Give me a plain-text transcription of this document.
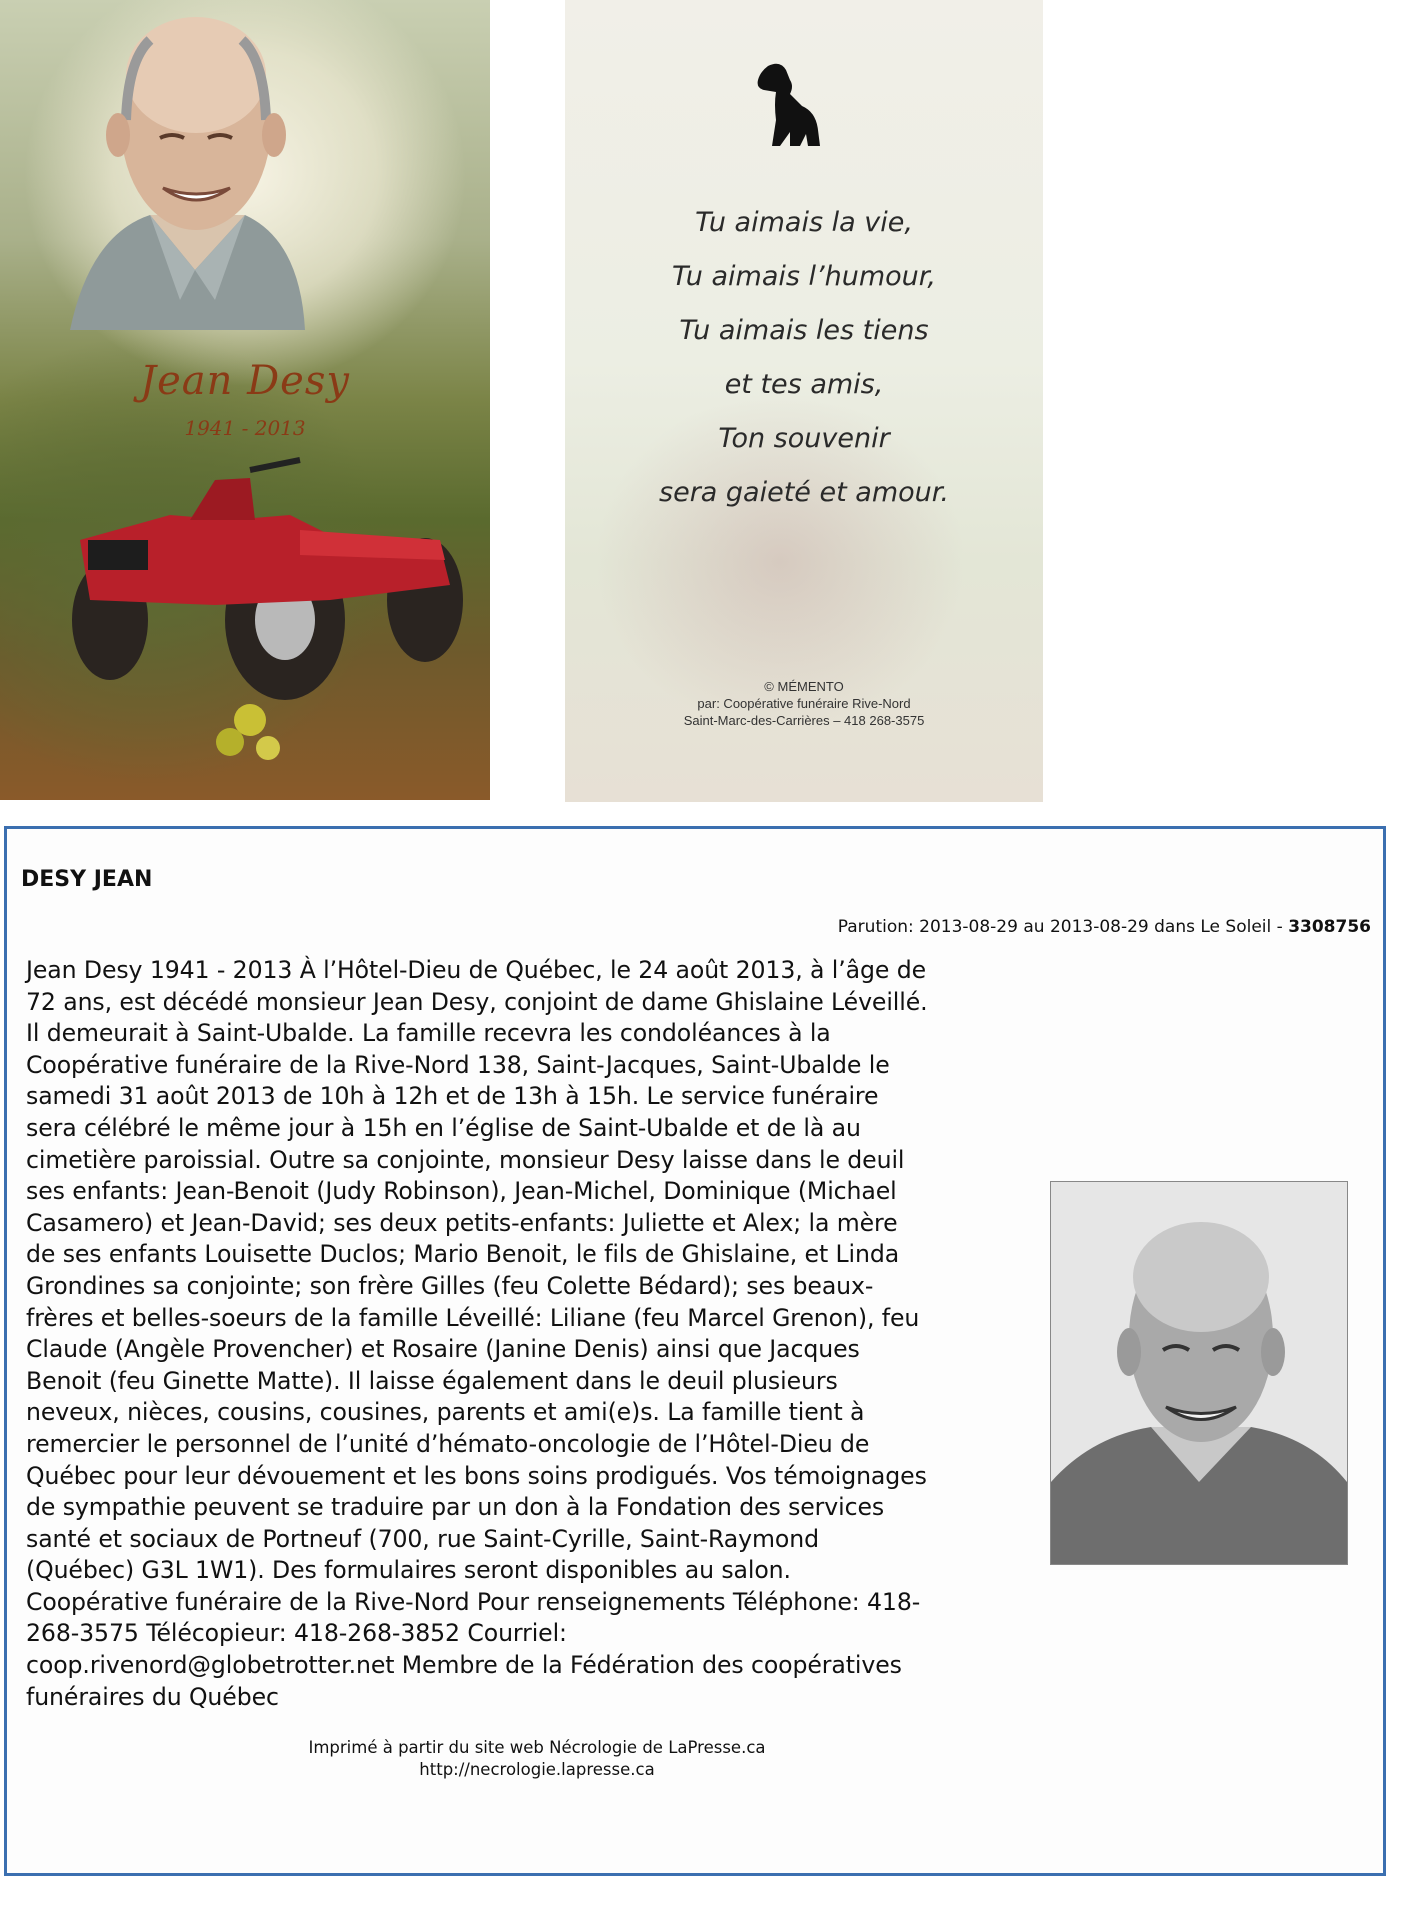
Jean Desy
1941 - 2013
Tu aimais la vie,
Tu aimais l’humour,
Tu aimais les tiens
et tes amis,
Ton souvenir
sera gaieté et amour.
© MÉMENTO
par: Coopérative funéraire Rive-Nord
Saint-Marc-des-Carrières – 418 268-3575
DESY JEAN
Parution: 2013-08-29 au 2013-08-29 dans Le Soleil - 3308756
Jean Desy 1941 - 2013 À l’Hôtel-Dieu de Québec, le 24 août 2013, à l’âge de
72 ans, est décédé monsieur Jean Desy, conjoint de dame Ghislaine Léveillé.
Il demeurait à Saint-Ubalde. La famille recevra les condoléances à la
Coopérative funéraire de la Rive-Nord 138, Saint-Jacques, Saint-Ubalde le
samedi 31 août 2013 de 10h à 12h et de 13h à 15h. Le service funéraire
sera célébré le même jour à 15h en l’église de Saint-Ubalde et de là au
cimetière paroissial. Outre sa conjointe, monsieur Desy laisse dans le deuil
ses enfants: Jean-Benoit (Judy Robinson), Jean-Michel, Dominique (Michael
Casamero) et Jean-David; ses deux petits-enfants: Juliette et Alex; la mère
de ses enfants Louisette Duclos; Mario Benoit, le fils de Ghislaine, et Linda
Grondines sa conjointe; son frère Gilles (feu Colette Bédard); ses beaux-
frères et belles-soeurs de la famille Léveillé: Liliane (feu Marcel Grenon), feu
Claude (Angèle Provencher) et Rosaire (Janine Denis) ainsi que Jacques
Benoit (feu Ginette Matte). Il laisse également dans le deuil plusieurs
neveux, nièces, cousins, cousines, parents et ami(e)s. La famille tient à
remercier le personnel de l’unité d’hémato-oncologie de l’Hôtel-Dieu de
Québec pour leur dévouement et les bons soins prodigués. Vos témoignages
de sympathie peuvent se traduire par un don à la Fondation des services
santé et sociaux de Portneuf (700, rue Saint-Cyrille, Saint-Raymond
(Québec) G3L 1W1). Des formulaires seront disponibles au salon.
Coopérative funéraire de la Rive-Nord Pour renseignements Téléphone: 418-
268-3575 Télécopieur: 418-268-3852 Courriel:
coop.rivenord@globetrotter.net Membre de la Fédération des coopératives
funéraires du Québec
Imprimé à partir du site web Nécrologie de LaPresse.ca
http://necrologie.lapresse.ca
